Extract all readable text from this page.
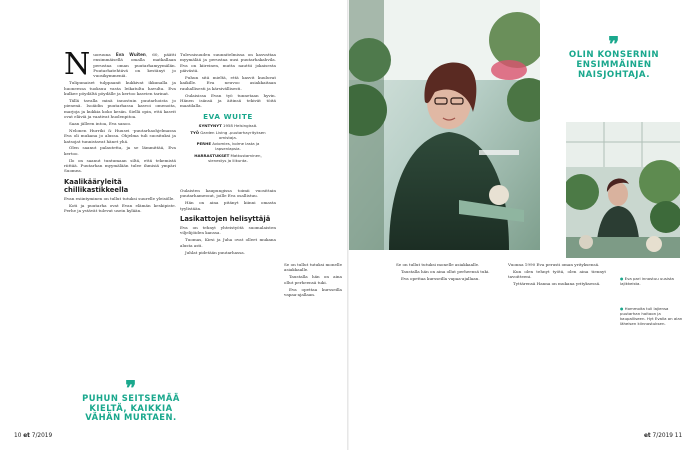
N uoruuna Eva Wuiten, 60, päätti ensimmäisellä omalla matkallaan perustaa oman puutarhamyymälän. Puutarhatehtävä on kestänyt jo vuosikymmeniä.

Tulipunaiset tulppaanit kukkivat ikkunalla ja huoneessa tuoksuu vasta leikatulta havulta. Eva kulkee pöydältä pöydälle ja kertoo kasvien tarinat.

Tällä tavalla minä innostuin puutarhoista jo pienenä. Isoäidin puutarhassa kasvoi omenoita, marjoja ja kukkia koko kesän. Siellä opin, että kasvit ovat eläviä ja vaativat huolenpitoa.

Saan jälleen intoa, Eva sanoo.

Nelonen Hurriki & Huusei -puutarhaohjelmassa Eva oli mukana jo alussa. Ohjelma tuli suosituksi ja katsojat tunnistavat hänet yhä.

Olen saanut palautetta, ja se lämmittää, Eva kertoo.

Ilo on saanut tuntumaan siltä, että tekemistä riittää. Puutarhan myymälään tulee ihmisiä ympäri Suomea.

Kaalikääryleitä chillikastikkeella

Evan esiintyminen on tullut tutuksi suurelle yleisölle.

Koti ja puutarha ovat Evan elämän keskipiste. Perhe ja ystävät tulevat usein kylään.

❞
PUHUN SEITSEMÄÄ KIELTÄ, KAIKKIA VÄHÄN MURTAEN.

Tulevaisuuden suunnitelmissa on kasvattaa myymälää ja perustaa uusi puutarhakahvila. Eva on kiireinen, mutta nauttii jokaisesta päivästä.

Puhun sitä mieltä, että kasvit kuuluvat kaikille. Eva neuvoo asiakkaitaan rauhallisesti ja kärsivällisesti.

Oulaisissa Evan työ tunnetaan hyvin. Hänen isänsä ja äitinsä tekivät töitä maatilalla.

EVA WUITE
SYNTYNYT 1958 Helsingissä.
TYÖ Garden Living -puutarhayrityksen omistaja.
PERHE Aviomies, kolme lasta ja lapsenlapsia.
HARRASTUKSET Matkustaminen, sienestys ja liikunta.

Oulaisten kaupungissa toimii vuosittain puutarhamessut, joille Eva osallistuu.

Hän on aina pitänyt kiinni omasta tyylistään.

Lasikattojen helisyttäjä

Eva on tehnyt yhteistyötä suomalaisten viljelijöiden kanssa.

Tuomas, Kirsi ja Juha ovat olleet mukana alusta asti.

Juhlat pidetään puutarhassa.

Se on tullut tutuksi monelle asiakkaalle.

Taustalla hän on aina ollut perheensä tuki.

Eva opettaa kursseilla vapaa-ajallaan.

❞
OLIN KONSERNIN ENSIMMÄINEN NAISJOHTAJA.

Se on tullut tutuksi monelle asiakkaalle.

Taustalla hän on aina ollut perheensä tuki.

Eva opettaa kursseilla vapaa-ajallaan.

Vuonna 1990 Eva perusti oman yrityksensä.

Kun olen tehnyt työtä, olen aina tiennyt tavoitteeni.

Tyttärensä Hanna on mukana yrityksessä.

● Eva pari innostuu uusista lajikkeista.
● Hommoita tuli lajiensa puutarhan hoitoon ja kaupalliseen. Hyt Evalla on alan läheisen kiinnostuksen.
10 et 7/2019	et 7/2019 11
